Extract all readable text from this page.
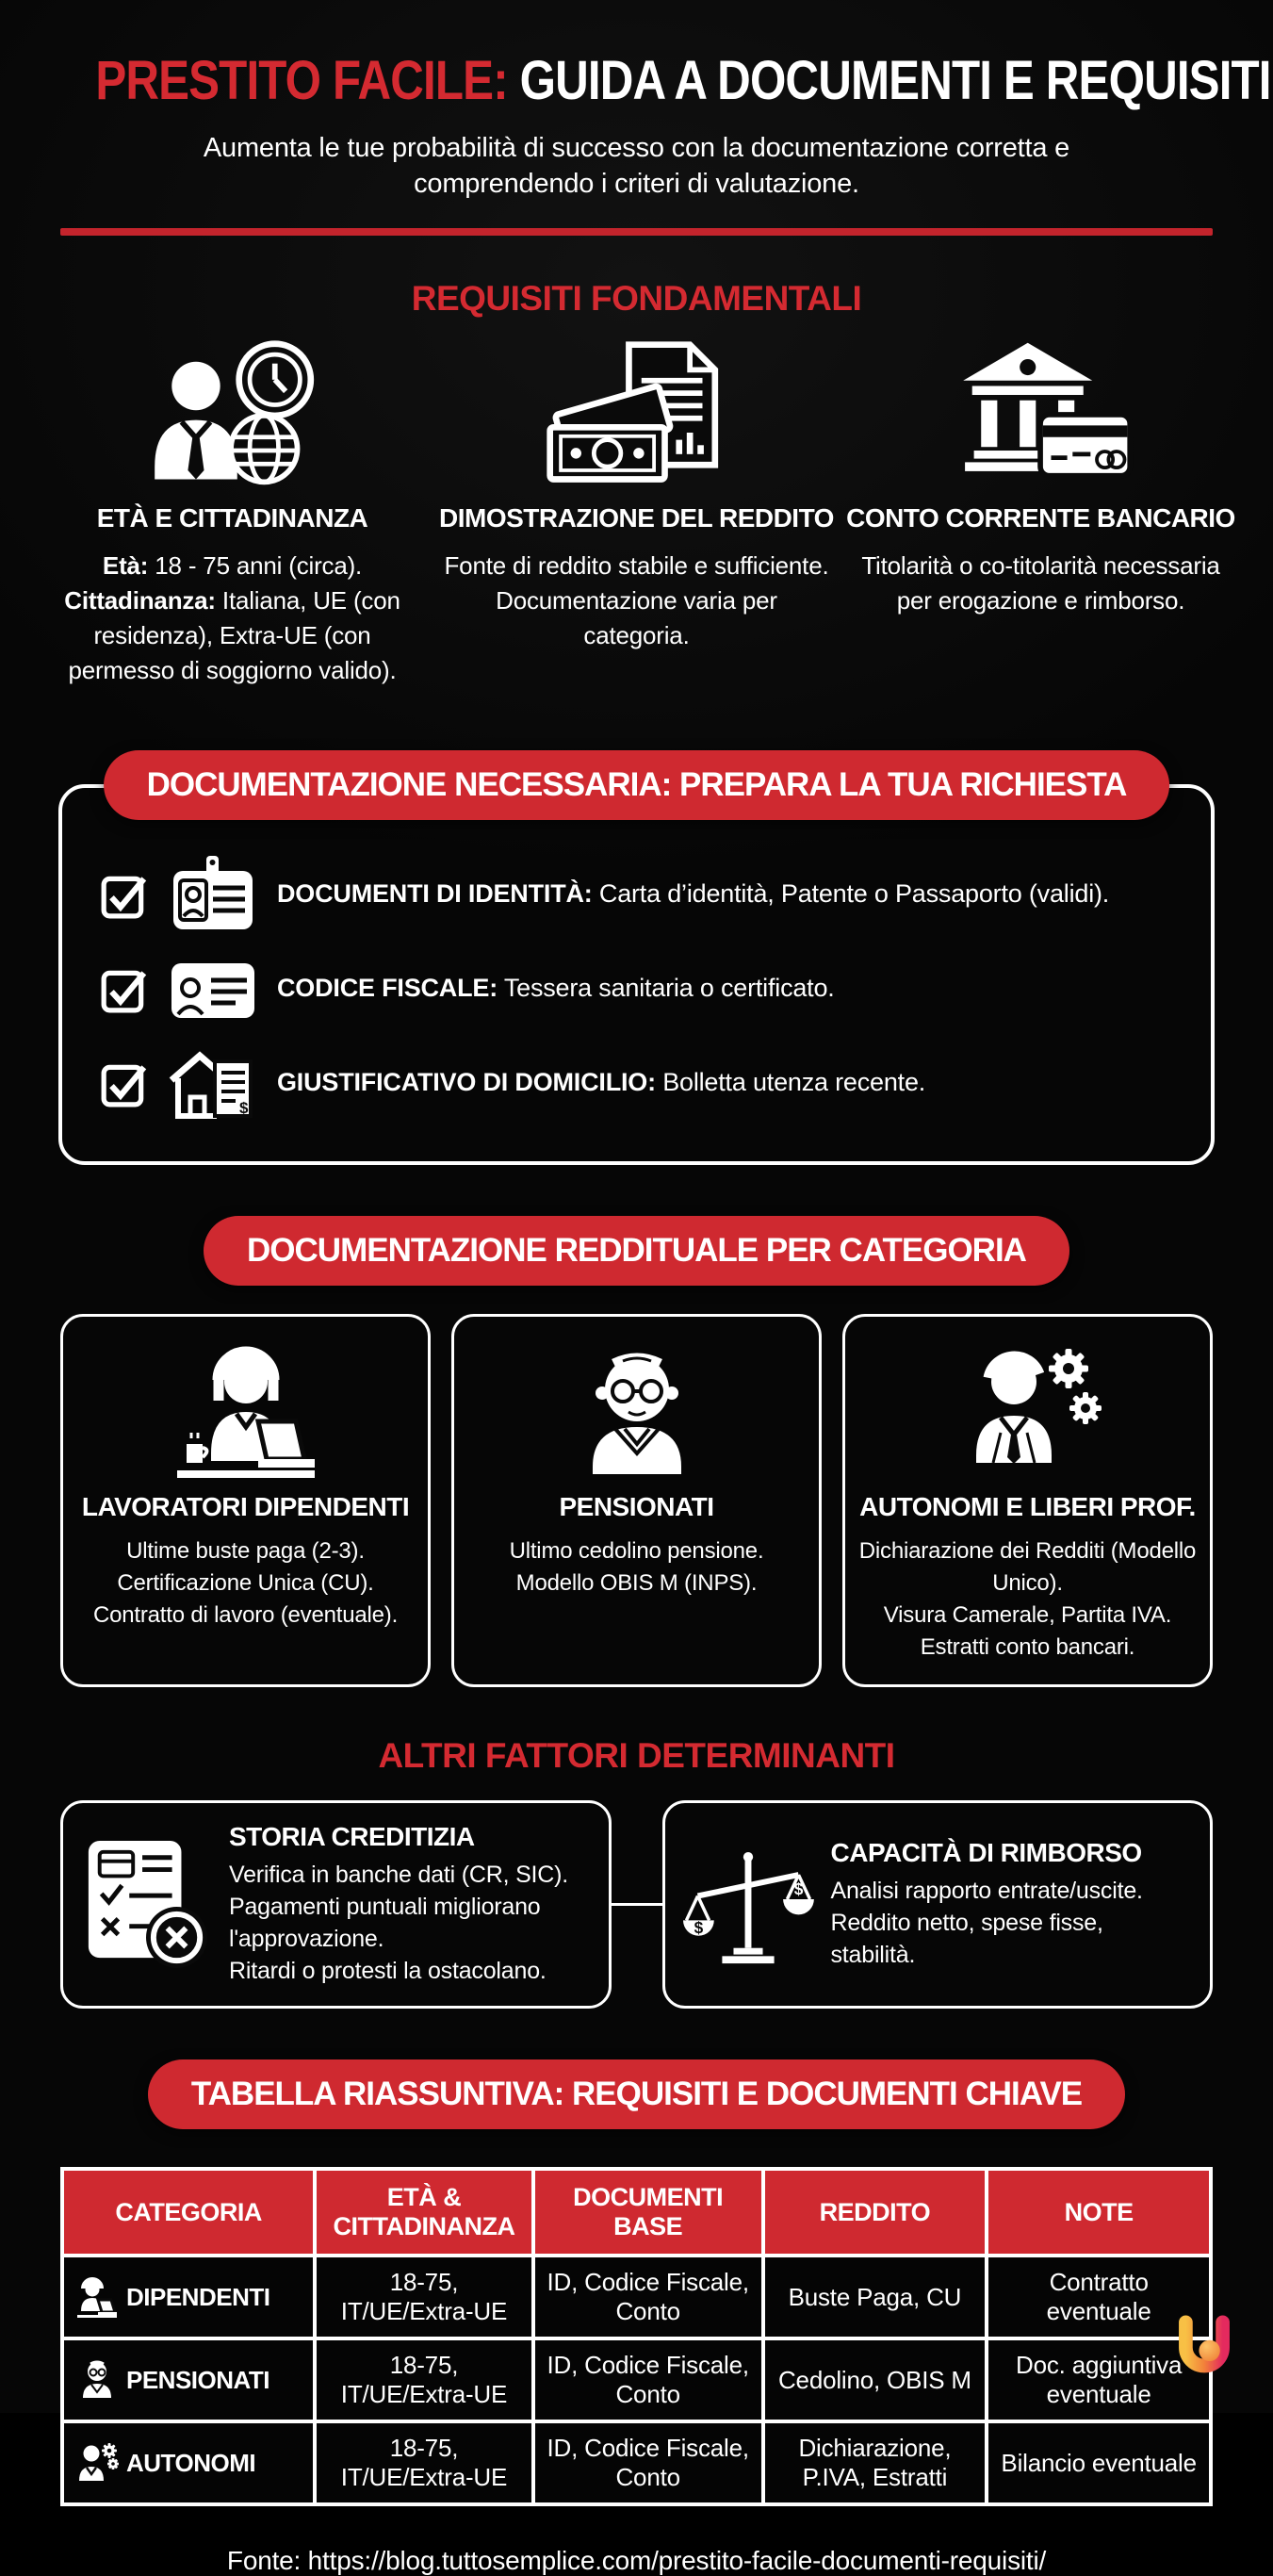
PRESTITO FACILE: GUIDA A DOCUMENTI E REQUISITI

Aumenta le tue probabilità di successo con la documentazione corretta e comprendendo i criteri di valutazione.

REQUISITI FONDAMENTALI
ETÀ E CITTADINANZA

Età: 18 - 75 anni (circa).
Cittadinanza: Italiana, UE (con residenza), Extra-UE (con permesso di soggiorno valido).

DIMOSTRAZIONE DEL REDDITO

Fonte di reddito stabile e sufficiente. Documentazione varia per categoria.

CONTO CORRENTE BANCARIO

Titolarità o co-titolarità necessaria per erogazione e rimborso.

DOCUMENTAZIONE NECESSARIA: PREPARA LA TUA RICHIESTA

DOCUMENTI DI IDENTITÀ: Carta d’identità, Patente o Passaporto (validi).

CODICE FISCALE: Tessera sanitaria o certificato.

$

GIUSTIFICATIVO DI DOMICILIO: Bolletta utenza recente.

DOCUMENTAZIONE REDDITUALE PER CATEGORIA
LAVORATORI DIPENDENTI

Ultime buste paga (2-3).
Certificazione Unica (CU).
Contratto di lavoro (eventuale).

PENSIONATI

Ultimo cedolino pensione.
Modello OBIS M (INPS).

AUTONOMI E LIBERI PROF.

Dichiarazione dei Redditi (Modello Unico).
Visura Camerale, Partita IVA.
Estratti conto bancari.

ALTRI FATTORI DETERMINANTI
STORIA CREDITIZIA

Verifica in banche dati (CR, SIC).
Pagamenti puntuali migliorano l'approvazione.
Ritardi o protesti la ostacolano.

$
$
CAPACITÀ DI RIMBORSO

Analisi rapporto entrate/uscite.
Reddito netto, spese fisse, stabilità.

TABELLA RIASSUNTIVA: REQUISITI E DOCUMENTI CHIAVE
CATEGORIA	ETÀ & CITTADINANZA	DOCUMENTI BASE	REDDITO	NOTE

DIPENDENTI	18-75, IT/UE/Extra-UE	ID, Codice Fiscale, Conto	Buste Paga, CU	Contratto eventuale

PENSIONATI	18-75, IT/UE/Extra-UE	ID, Codice Fiscale, Conto	Cedolino, OBIS M	Doc. aggiuntiva eventuale

AUTONOMI	18-75, IT/UE/Extra-UE	ID, Codice Fiscale, Conto	Dichiarazione, P.IVA, Estratti	Bilancio eventuale

Fonte: https://blog.tuttosemplice.com/prestito-facile-documenti-requisiti/
